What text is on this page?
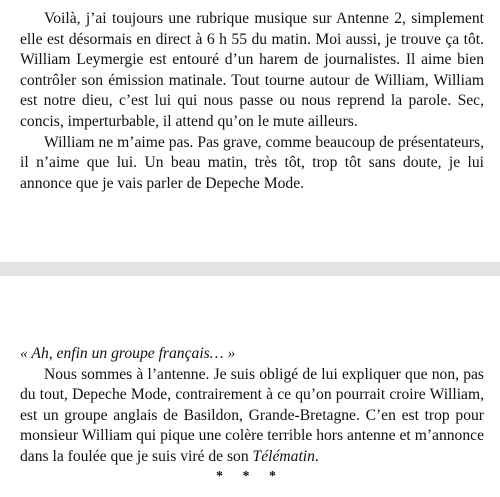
Voilà, j’ai toujours une rubrique musique sur Antenne 2, simplement elle est désormais en direct à 6 h 55 du matin. Moi aussi, je trouve ça tôt. William Leymergie est entouré d’un harem de journalistes. Il aime bien contrôler son émission matinale. Tout tourne autour de William, William est notre dieu, c’est lui qui nous passe ou nous reprend la parole. Sec, concis, imperturbable, il attend qu’on le mute ailleurs.

William ne m’aime pas. Pas grave, comme beaucoup de présentateurs, il n’aime que lui. Un beau matin, très tôt, trop tôt sans doute, je lui annonce que je vais parler de Depeche Mode.

« Ah, enfin un groupe français… »

Nous sommes à l’antenne. Je suis obligé de lui expliquer que non, pas du tout, Depeche Mode, contrairement à ce qu’on pourrait croire William, est un groupe anglais de Basildon, Grande-Bretagne. C’en est trop pour monsieur William qui pique une colère terrible hors antenne et m’annonce dans la foulée que je suis viré de son Télématin.

* * *
